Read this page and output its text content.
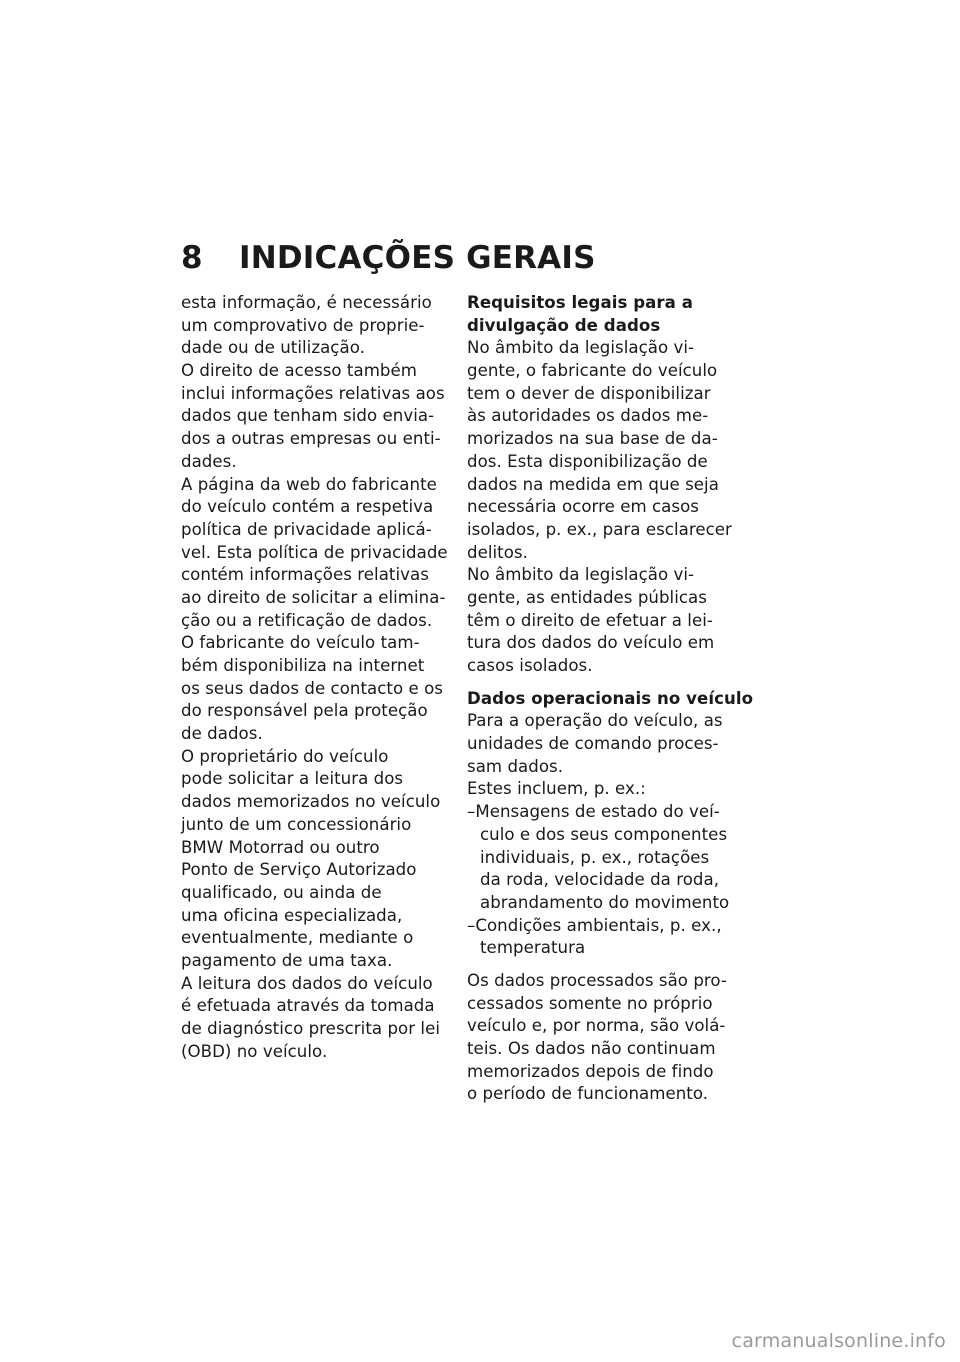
8	INDICAÇÕES GERAIS
esta informação, é necessário
um comprovativo de proprie-
dade ou de utilização.
O direito de acesso também
inclui informações relativas aos
dados que tenham sido envia-
dos a outras empresas ou enti-
dades.
A página da web do fabricante
do veículo contém a respetiva
política de privacidade aplicá-
vel. Esta política de privacidade
contém informações relativas
ao direito de solicitar a elimina-
ção ou a retificação de dados.
O fabricante do veículo tam-
bém disponibiliza na internet
os seus dados de contacto e os
do responsável pela proteção
de dados.
O proprietário do veículo
pode solicitar a leitura dos
dados memorizados no veículo
junto de um concessionário
BMW Motorrad ou outro
Ponto de Serviço Autorizado
qualificado, ou ainda de
uma oficina especializada,
eventualmente, mediante o
pagamento de uma taxa.
A leitura dos dados do veículo
é efetuada através da tomada
de diagnóstico prescrita por lei
(OBD) no veículo.
Requisitos legais para a
divulgação de dados
No âmbito da legislação vi-
gente, o fabricante do veículo
tem o dever de disponibilizar
às autoridades os dados me-
morizados na sua base de da-
dos. Esta disponibilização de
dados na medida em que seja
necessária ocorre em casos
isolados, p. ex., para esclarecer
delitos.
No âmbito da legislação vi-
gente, as entidades públicas
têm o direito de efetuar a lei-
tura dos dados do veículo em
casos isolados.
Dados operacionais no veículo
Para a operação do veículo, as
unidades de comando proces-
sam dados.
Estes incluem, p. ex.:
–Mensagens de estado do veí-
culo e dos seus componentes
individuais, p. ex., rotações
da roda, velocidade da roda,
abrandamento do movimento
–Condições ambientais, p. ex.,
temperatura
Os dados processados são pro-
cessados somente no próprio
veículo e, por norma, são volá-
teis. Os dados não continuam
memorizados depois de findo
o período de funcionamento.
carmanualsonline.info
